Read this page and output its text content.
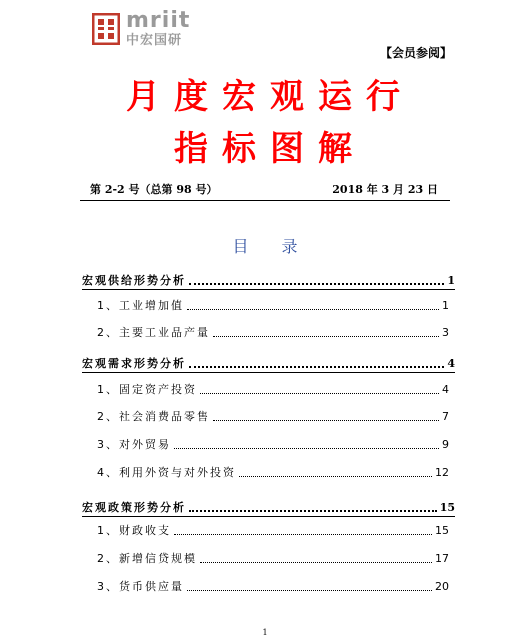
mriit
中宏国研
【会员参阅】
月度宏观运行
指标图解
第 2-2 号（总第 98 号）	2018 年 3 月 23 日
目 录
宏观供给形势分析	1
1、工业增加值	1
2、主要工业品产量	3
宏观需求形势分析	4
1、固定资产投资	4
2、社会消费品零售	7
3、对外贸易	9
4、利用外资与对外投资	12
宏观政策形势分析	15
1、财政收支	15
2、新增信贷规模	17
3、货币供应量	20
1
